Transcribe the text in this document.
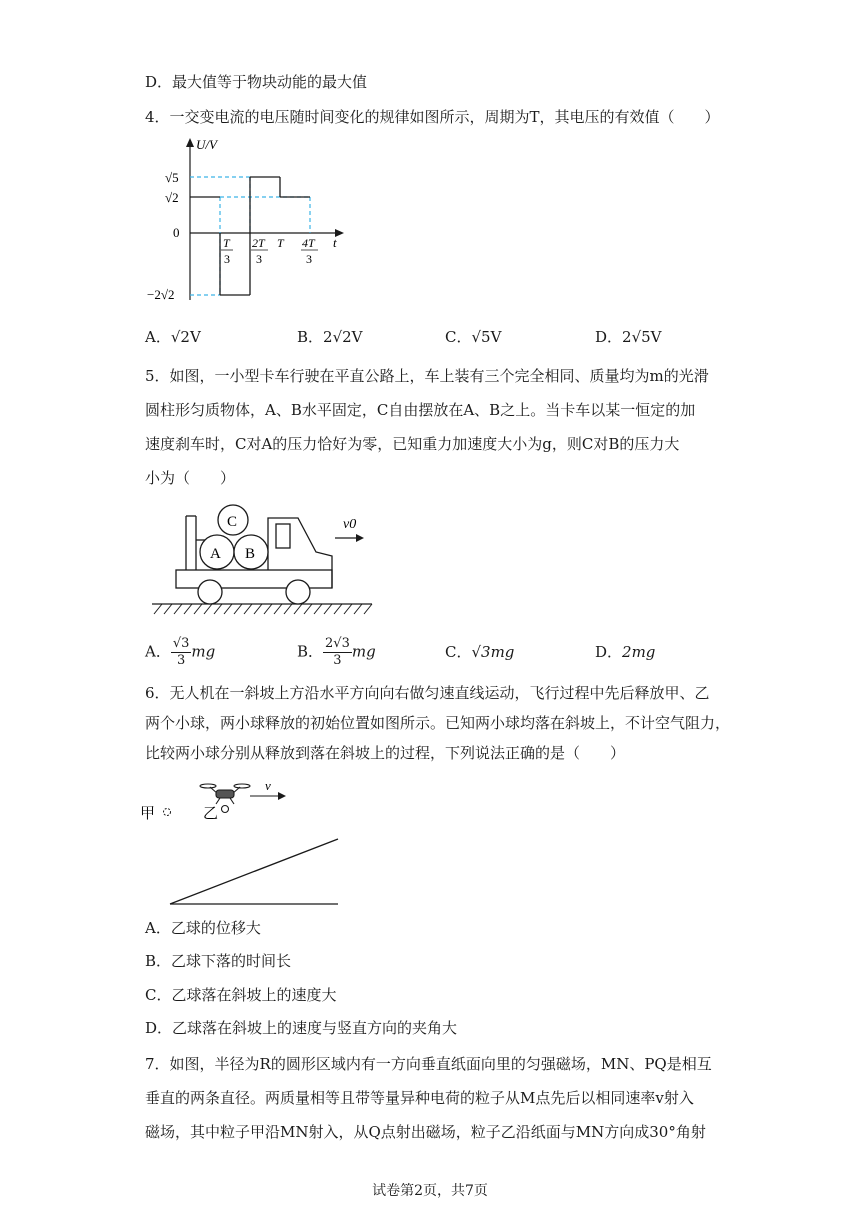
D．最大值等于物块动能的最大值
4．一交变电流的电压随时间变化的规律如图所示，周期为T，其电压的有效值（　　）
U/V
t
0
√5
√2
−2√2
T
3
2T
3
T 4T
3
A．√2V	B．2√2V	C．√5V	D．2√5V
5．如图，一小型卡车行驶在平直公路上，车上装有三个完全相同、质量均为m的光滑
圆柱形匀质物体，A、B水平固定，C自由摆放在A、B之上。当卡车以某一恒定的加
速度刹车时，C对A的压力恰好为零，已知重力加速度大小为g，则C对B的压力大
小为（　　）
C
A B
v0
A． $\frac{√3}{3}$ mg	B． $\frac{2√3}{3}$ mg	C．√3mg	D．2mg
6．无人机在一斜坡上方沿水平方向向右做匀速直线运动，飞行过程中先后释放甲、乙
两个小球，两小球释放的初始位置如图所示。已知两小球均落在斜坡上，不计空气阻力，
比较两小球分别从释放到落在斜坡上的过程，下列说法正确的是（　　）
甲	乙
v
A．乙球的位移大
B．乙球下落的时间长
C．乙球落在斜坡上的速度大
D．乙球落在斜坡上的速度与竖直方向的夹角大
7．如图，半径为R的圆形区域内有一方向垂直纸面向里的匀强磁场，MN、PQ是相互
垂直的两条直径。两质量相等且带等量异种电荷的粒子从M点先后以相同速率v射入
磁场，其中粒子甲沿MN射入，从Q点射出磁场，粒子乙沿纸面与MN方向成30°角射
试卷第2页，共7页
